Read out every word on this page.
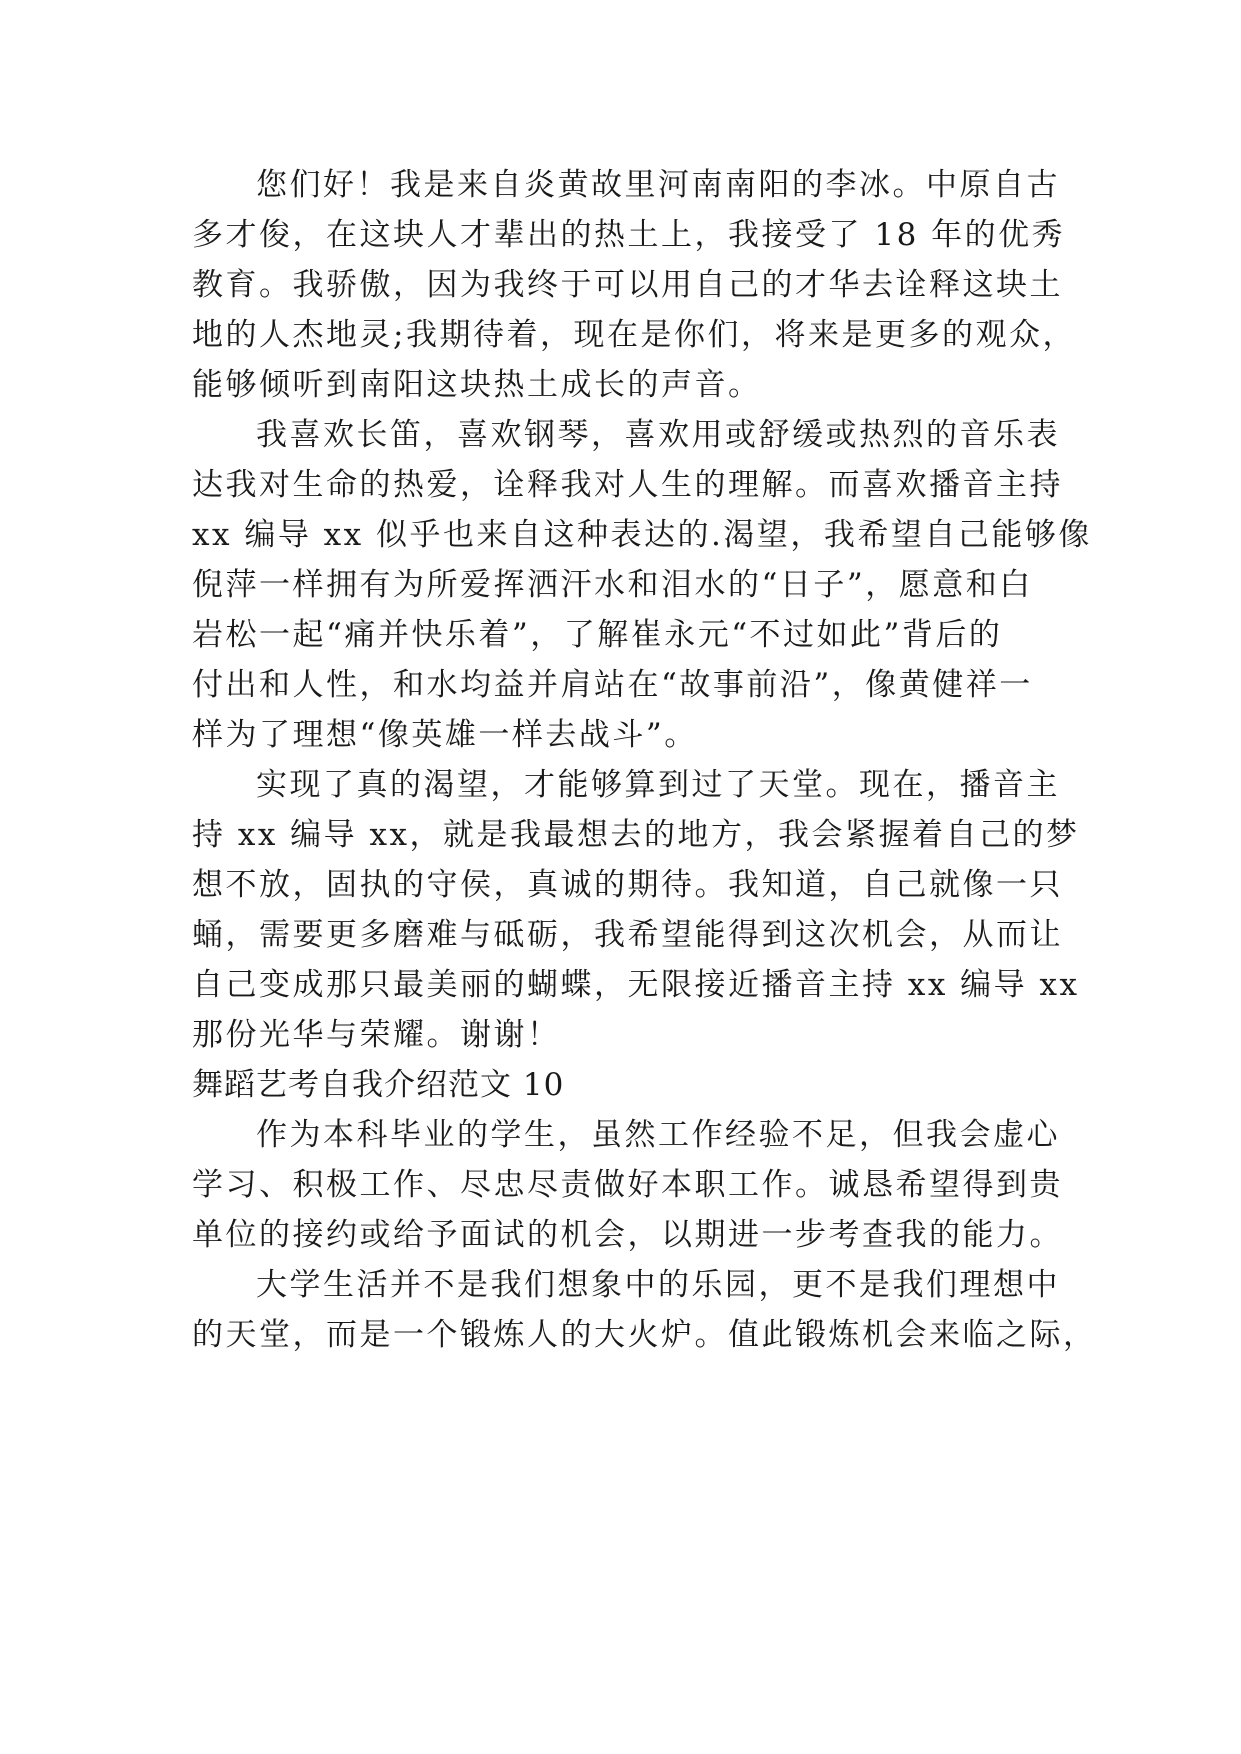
您们好！我是来自炎黄故里河南南阳的李冰。中原自古
多才俊，在这块人才辈出的热土上，我接受了 18 年的优秀
教育。我骄傲，因为我终于可以用自己的才华去诠释这块土
地的人杰地灵;我期待着，现在是你们，将来是更多的观众，
能够倾听到南阳这块热土成长的声音。

我喜欢长笛，喜欢钢琴，喜欢用或舒缓或热烈的音乐表
达我对生命的热爱，诠释我对人生的理解。而喜欢播音主持
xx 编导 xx 似乎也来自这种表达的.渴望，我希望自己能够像
倪萍一样拥有为所爱挥洒汗水和泪水的“日子”，愿意和白
岩松一起“痛并快乐着”，了解崔永元“不过如此”背后的
付出和人性，和水均益并肩站在“故事前沿”，像黄健祥一
样为了理想“像英雄一样去战斗”。

实现了真的渴望，才能够算到过了天堂。现在，播音主
持 xx 编导 xx，就是我最想去的地方，我会紧握着自己的梦
想不放，固执的守侯，真诚的期待。我知道，自己就像一只
蛹，需要更多磨难与砥砺，我希望能得到这次机会，从而让
自己变成那只最美丽的蝴蝶，无限接近播音主持 xx 编导 xx
那份光华与荣耀。谢谢！

舞蹈艺考自我介绍范文 10

作为本科毕业的学生，虽然工作经验不足，但我会虚心
学习、积极工作、尽忠尽责做好本职工作。诚恳希望得到贵
单位的接约或给予面试的机会，以期进一步考查我的能力。

大学生活并不是我们想象中的乐园，更不是我们理想中
的天堂，而是一个锻炼人的大火炉。值此锻炼机会来临之际，
